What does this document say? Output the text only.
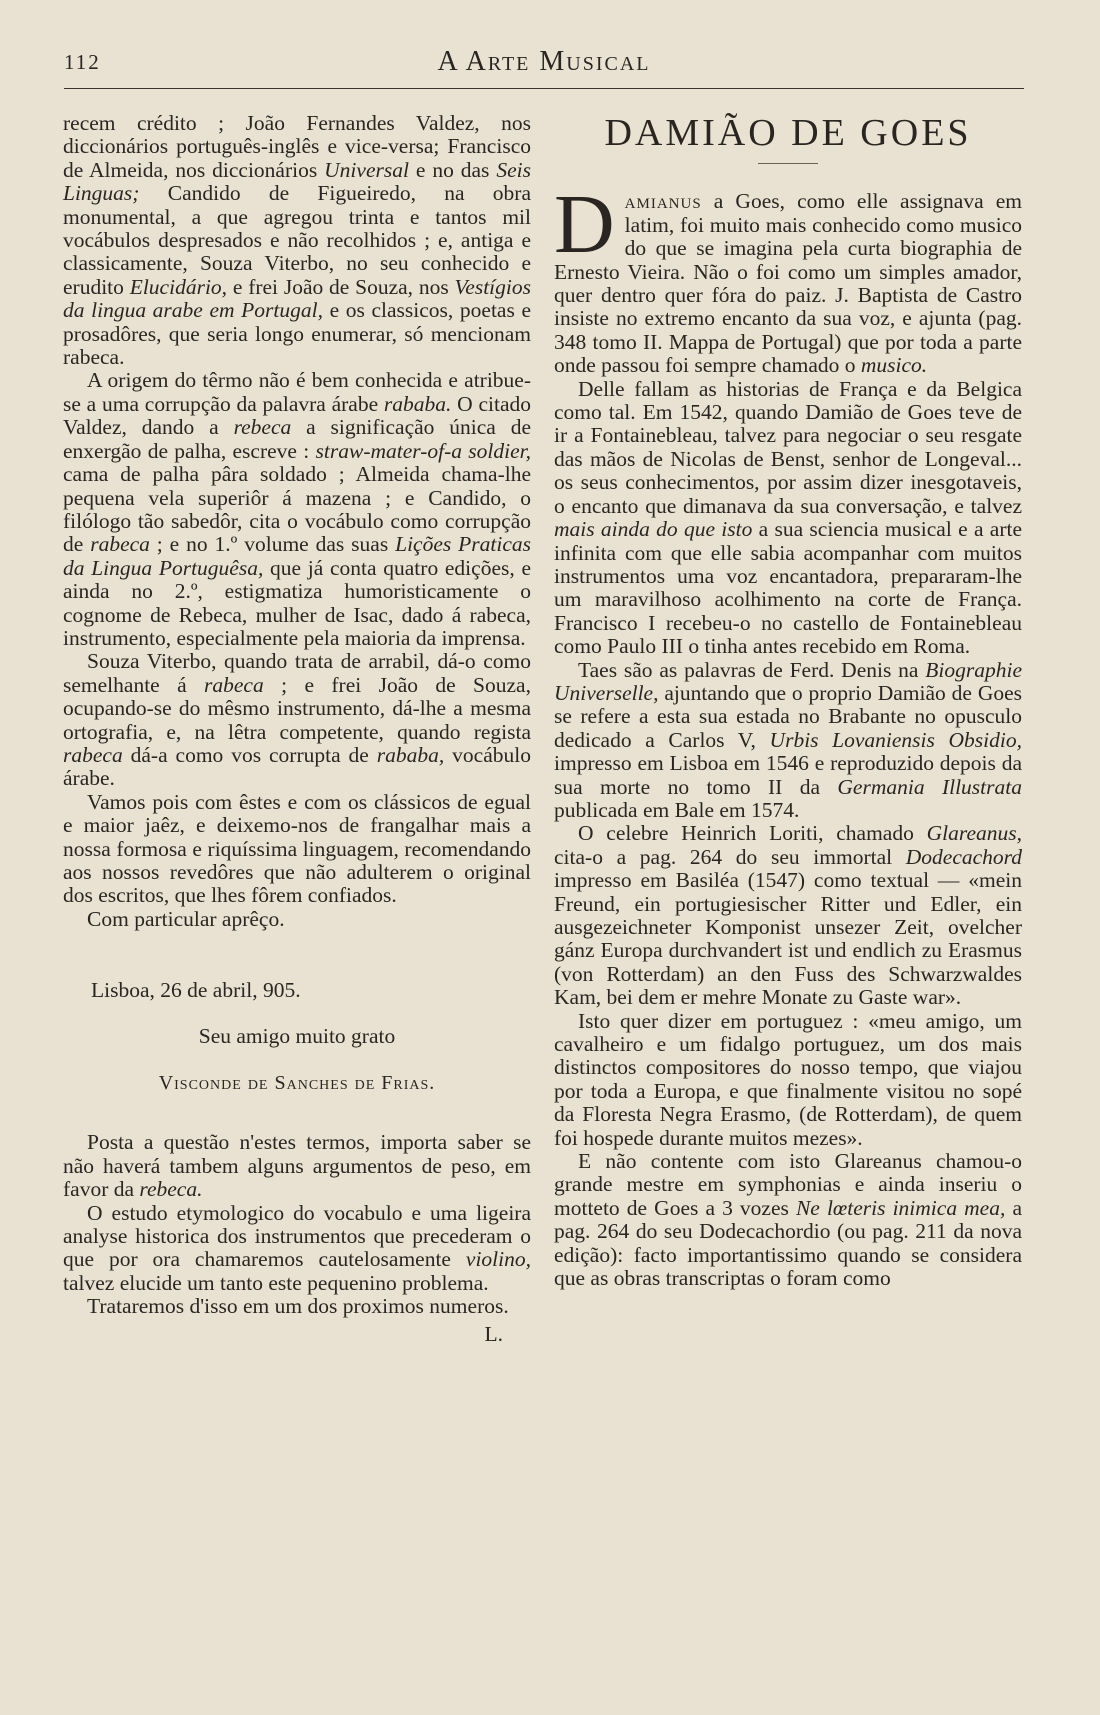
112	A Arte Musical

recem crédito ; João Fernandes Valdez, nos diccionários português-inglês e vice-versa; Francisco de Almeida, nos diccionários Universal e no das Seis Linguas; Candido de Figueiredo, na obra monumental, a que agregou trinta e tantos mil vocábulos despresados e não recolhidos ; e, antiga e classicamente, Souza Viterbo, no seu conhecido e erudito Elucidário, e frei João de Souza, nos Vestígios da lingua arabe em Portugal, e os classicos, poetas e prosadôres, que seria longo enumerar, só mencionam rabeca.

A origem do têrmo não é bem conhecida e atribue-se a uma corrupção da palavra árabe rababa. O citado Valdez, dando a rebeca a significação única de enxergão de palha, escreve : straw-mater-of-a soldier, cama de palha pâra soldado ; Almeida chama-lhe pequena vela superiôr á mazena ; e Candido, o filólogo tão sabedôr, cita o vocábulo como corrupção de rabeca ; e no 1.º volume das suas Lições Praticas da Lingua Portuguêsa, que já conta quatro edições, e ainda no 2.º, estigmatiza humoristicamente o cognome de Rebeca, mulher de Isac, dado á rabeca, instrumento, especialmente pela maioria da imprensa.

Souza Viterbo, quando trata de arrabil, dá-o como semelhante á rabeca ; e frei João de Souza, ocupando-se do mêsmo instrumento, dá-lhe a mesma ortografia, e, na lêtra competente, quando regista rabeca dá-a como vos corrupta de rababa, vocábulo árabe.

Vamos pois com êstes e com os clássicos de egual e maior jaêz, e deixemo-nos de frangalhar mais a nossa formosa e riquíssima linguagem, recomendando aos nossos revedôres que não adulterem o original dos escritos, que lhes fôrem confiados.

Com particular aprêço.

Lisboa, 26 de abril, 905.

Seu amigo muito grato

Visconde de Sanches de Frias.

Posta a questão n'estes termos, importa saber se não haverá tambem alguns argumentos de peso, em favor da rebeca.

O estudo etymologico do vocabulo e uma ligeira analyse historica dos instrumentos que precederam o que por ora chamaremos cautelosamente violino, talvez elucide um tanto este pequenino problema.

Trataremos d'isso em um dos proximos numeros.

L.

DAMIÃO DE GOES

Damianus a Goes, como elle assignava em latim, foi muito mais conhecido como musico do que se imagina pela curta biographia de Ernesto Vieira. Não o foi como um simples amador, quer dentro quer fóra do paiz. J. Baptista de Castro insiste no extremo encanto da sua voz, e ajunta (pag. 348 tomo II. Mappa de Portugal) que por toda a parte onde passou foi sempre chamado o musico.

Delle fallam as historias de França e da Belgica como tal. Em 1542, quando Damião de Goes teve de ir a Fontainebleau, talvez para negociar o seu resgate das mãos de Nicolas de Benst, senhor de Longeval... os seus conhecimentos, por assim dizer inesgotaveis, o encanto que dimanava da sua conversação, e talvez mais ainda do que isto a sua sciencia musical e a arte infinita com que elle sabia acompanhar com muitos instrumentos uma voz encantadora, prepararam-lhe um maravilhoso acolhimento na corte de França. Francisco I recebeu-o no castello de Fontainebleau como Paulo III o tinha antes recebido em Roma.

Taes são as palavras de Ferd. Denis na Biographie Universelle, ajuntando que o proprio Damião de Goes se refere a esta sua estada no Brabante no opusculo dedicado a Carlos V, Urbis Lovaniensis Obsidio, impresso em Lisboa em 1546 e reproduzido depois da sua morte no tomo II da Germania Illustrata publicada em Bale em 1574.

O celebre Heinrich Loriti, chamado Glareanus, cita-o a pag. 264 do seu immortal Dodecachord impresso em Basiléa (1547) como textual — «mein Freund, ein portugiesischer Ritter und Edler, ein ausgezeichneter Komponist unsezer Zeit, ovelcher gánz Europa durchvandert ist und endlich zu Erasmus (von Rotterdam) an den Fuss des Schwarzwaldes Kam, bei dem er mehre Monate zu Gaste war».

Isto quer dizer em portuguez : «meu amigo, um cavalheiro e um fidalgo portuguez, um dos mais distinctos compositores do nosso tempo, que viajou por toda a Europa, e que finalmente visitou no sopé da Floresta Negra Erasmo, (de Rotterdam), de quem foi hospede durante muitos mezes».

E não contente com isto Glareanus chamou-o grande mestre em symphonias e ainda inseriu o motteto de Goes a 3 vozes Ne lœteris inimica mea, a pag. 264 do seu Dodecachordio (ou pag. 211 da nova edição): facto importantissimo quando se considera que as obras transcriptas o foram como
